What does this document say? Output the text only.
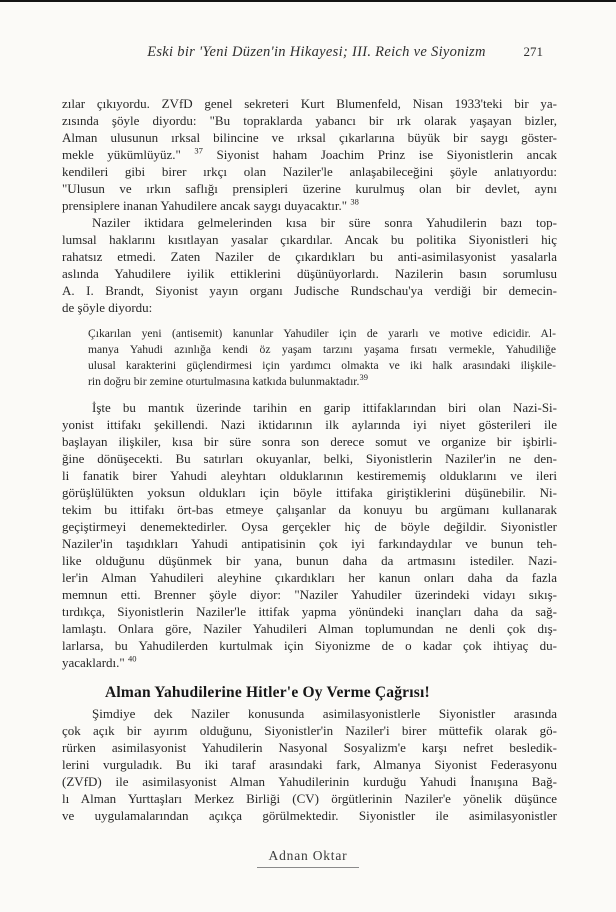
Eski bir 'Yeni Düzen'in Hikayesi; III. Reich ve Siyonizm	271
zılar çıkıyordu. ZVfD genel sekreteri Kurt Blumenfeld, Nisan 1933'teki bir ya-
zısında şöyle diyordu: "Bu topraklarda yabancı bir ırk olarak yaşayan bizler,
Alman ulusunun ırksal bilincine ve ırksal çıkarlarına büyük bir saygı göster-
mekle yükümlüyüz." $^{37}$ Siyonist haham Joachim Prinz ise Siyonistlerin ancak
kendileri gibi birer ırkçı olan Naziler'le anlaşabileceğini şöyle anlatıyordu:
"Ulusun ve ırkın saflığı prensipleri üzerine kurulmuş olan bir devlet, aynı
prensiplere inanan Yahudilere ancak saygı duyacaktır." $^{38}$
Naziler iktidara gelmelerinden kısa bir süre sonra Yahudilerin bazı top-
lumsal haklarını kısıtlayan yasalar çıkardılar. Ancak bu politika Siyonistleri hiç
rahatsız etmedi. Zaten Naziler de çıkardıkları bu anti-asimilasyonist yasalarla
aslında Yahudilere iyilik ettiklerini düşünüyorlardı. Nazilerin basın sorumlusu
A. I. Brandt, Siyonist yayın organı Judische Rundschau'ya verdiği bir demecin-
de şöyle diyordu:
Çıkarılan yeni (antisemit) kanunlar Yahudiler için de yararlı ve motive edicidir. Al-
manya Yahudi azınlığa kendi öz yaşam tarzını yaşama fırsatı vermekle, Yahudiliğe
ulusal karakterini güçlendirmesi için yardımcı olmakta ve iki halk arasındaki ilişkile-
rin doğru bir zemine oturtulmasına katkıda bulunmaktadır.$^{39}$
İşte bu mantık üzerinde tarihin en garip ittifaklarından biri olan Nazi-Si-
yonist ittifakı şekillendi. Nazi iktidarının ilk aylarında iyi niyet gösterileri ile
başlayan ilişkiler, kısa bir süre sonra son derece somut ve organize bir işbirli-
ğine dönüşecekti. Bu satırları okuyanlar, belki, Siyonistlerin Naziler'in ne den-
li fanatik birer Yahudi aleyhtarı olduklarının kestirememiş olduklarını ve ileri
görüşlülükten yoksun oldukları için böyle ittifaka giriştiklerini düşünebilir. Ni-
tekim bu ittifakı ört-bas etmeye çalışanlar da konuyu bu argümanı kullanarak
geçiştirmeyi denemektedirler. Oysa gerçekler hiç de böyle değildir. Siyonistler
Naziler'in taşıdıkları Yahudi antipatisinin çok iyi farkındaydılar ve bunun teh-
like olduğunu düşünmek bir yana, bunun daha da artmasını istediler. Nazi-
ler'in Alman Yahudileri aleyhine çıkardıkları her kanun onları daha da fazla
memnun etti. Brenner şöyle diyor: "Naziler Yahudiler üzerindeki vidayı sıkış-
tırdıkça, Siyonistlerin Naziler'le ittifak yapma yönündeki inançları daha da sağ-
lamlaştı. Onlara göre, Naziler Yahudileri Alman toplumundan ne denli çok dış-
larlarsa, bu Yahudilerden kurtulmak için Siyonizme de o kadar çok ihtiyaç du-
yacaklardı." $^{40}$
Alman Yahudilerine Hitler'e Oy Verme Çağrısı!
Şimdiye dek Naziler konusunda asimilasyonistlerle Siyonistler arasında
çok açık bir ayırım olduğunu, Siyonistler'in Naziler'i birer müttefik olarak gö-
rürken asimilasyonist Yahudilerin Nasyonal Sosyalizm'e karşı nefret besledik-
lerini vurguladık. Bu iki taraf arasındaki fark, Almanya Siyonist Federasyonu
(ZVfD) ile asimilasyonist Alman Yahudilerinin kurduğu Yahudi İnanışına Bağ-
lı Alman Yurttaşları Merkez Birliği (CV) örgütlerinin Naziler'e yönelik düşünce
ve uygulamalarından açıkça görülmektedir. Siyonistler ile asimilasyonistler
Adnan Oktar
